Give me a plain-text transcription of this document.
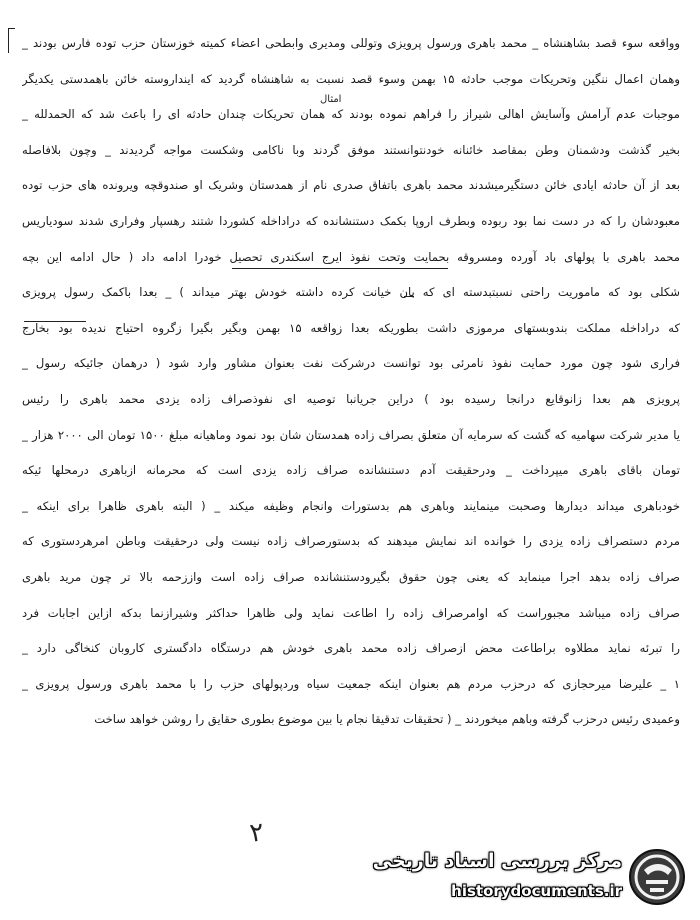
وواقعه سوء قصد بشاهنشاه _ محمد باهری ورسول پرویزی وتوللی ومدیری وابطحی اعضاء کمیته خوزستان حزب توده فارس بودند _
وهمان اعمال ننگین وتحریکات موجب حادثه ۱۵ بهمن وسوء قصد نسبت به شاهنشاه گردید که اینداروسته خائن باهمدستی یکدیگر
موجبات عدم آرامش وآسایش اهالی شیراز را فراهم نموده بودند که همان تحریکات چندان حادثه ای را باعث شد که الحمدلله _
بخیر گذشت ودشمنان وطن بمقاصد خائنانه خودنتوانستند موفق گردند وبا ناکامی وشکست مواجه گردیدند _ وچون بلافاصله
بعد از آن حادثه ایادی خائن دستگیرمیشدند محمد باهری باتفاق صدری نام از همدستان وشریک او صندوقچه ویرونده های حزب توده
معبودشان را که در دست نما بود ربوده وبطرف اروپا بکمک دستنشانده که دراداخله کشوردا شتند رهسپار وفراری شدند سودیاریس
محمد باهری با پولهای باد آورده ومسروقه بحمایت وتحت نفوذ ایرج اسکندری تحصیل خودرا ادامه داد ( حال ادامه این بچه
شکلی بود که ماموریت راحتی نسبتبدسته ای که بان خیانت کرده داشته خودش بهتر میداند ) _ بعدا باکمک رسول پرویزی
که دراداخله مملکت بندوبستهای مرموزی داشت بطوریکه بعدا زواقعه ۱۵ بهمن وبگیر بگیرا زگروه احتیاج ندیده بود بخارج
فراری شود چون مورد حمایت نفوذ نامرئی بود توانست درشرکت نفت بعنوان مشاور وارد شود ( درهمان جائیکه رسول _
پرویزی هم بعدا زانوقایع درانجا رسیده بود ) دراین جریانبا توصیه ای نفوذصراف زاده یزدی محمد باهری را رئیس
یا مدیر شرکت سهامیه که گشت که سرمایه آن متعلق بصراف زاده همدستان شان بود نمود وماهیانه مبلغ ۱۵۰۰ تومان الی ۲۰۰۰ هزار _
تومان باقای باهری میپرداخت _ ودرحقیقت آدم دستنشانده صراف زاده یزدی است که محرمانه ازباهری درمحلها ئیکه
خودباهری میداند دیدارها وصحبت مینمایند وباهری هم بدستورات وانجام وظیفه میکند _ ( البته باهری ظاهرا برای اینکه _
مردم دستصراف زاده یزدی را خوانده اند نمایش میدهند که بدستورصراف زاده نیست ولی درحقیقت وباطن امرهردستوری که
صراف زاده بدهد اجرا مینماید که یعنی چون حقوق بگیرودستنشانده صراف زاده است واززحمه بالا تر چون مرید باهری
صراف زاده میباشد مجبوراست که اوامرصراف زاده را اطاعت نماید ولی ظاهرا حداکثر وشیرازنما بدکه ازاین اجابات فرد
را تبرئه نماید مطلاوه براطاعت محض ازصراف زاده محمد باهری خودش هم درستگاه دادگستری کاروبان کنخاگی دارد _
۱ _ علیرضا میرحجازی که درحزب مردم هم بعنوان اینکه جمعیت سیاه وردپولهای حزب را با محمد باهری ورسول پرویزی _
وعمیدی رئیس درحزب گرفته وباهم میخوردند _ ( تحقیقات تدقیقا نجام یا بین موضوع بطوری حقایق را روشن خواهد ساخت
امثال
۲
مرکز بررسی اسناد تاریخی
historydocuments.ir
